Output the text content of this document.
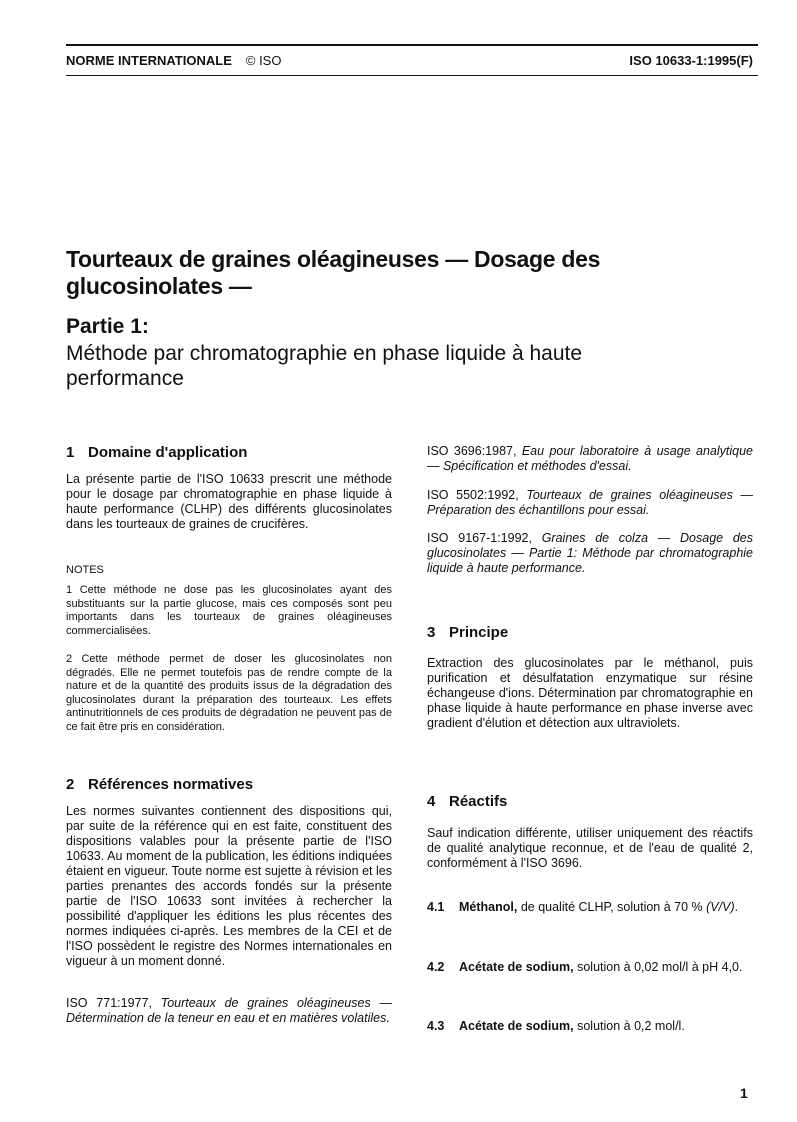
NORME INTERNATIONALE © ISO	ISO 10633-1:1995(F)
Tourteaux de graines oléagineuses — Dosage des glucosinolates —
Partie 1:
Méthode par chromatographie en phase liquide à haute performance
1 Domaine d'application
La présente partie de l'ISO 10633 prescrit une méthode pour le dosage par chromatographie en phase liquide à haute performance (CLHP) des différents glucosinolates dans les tourteaux de graines de crucifères.
NOTES
1 Cette méthode ne dose pas les glucosinolates ayant des substituants sur la partie glucose, mais ces composés sont peu importants dans les tourteaux de graines oléagineuses commercialisées.
2 Cette méthode permet de doser les glucosinolates non dégradés. Elle ne permet toutefois pas de rendre compte de la nature et de la quantité des produits issus de la dégradation des glucosinolates durant la préparation des tourteaux. Les effets antinutritionnels de ces produits de dégradation ne peuvent pas de ce fait être pris en considération.
2 Références normatives
Les normes suivantes contiennent des dispositions qui, par suite de la référence qui en est faite, constituent des dispositions valables pour la présente partie de l'ISO 10633. Au moment de la publication, les éditions indiquées étaient en vigueur. Toute norme est sujette à révision et les parties prenantes des accords fondés sur la présente partie de l'ISO 10633 sont invitées à rechercher la possibilité d'appliquer les éditions les plus récentes des normes indiquées ci-après. Les membres de la CEI et de l'ISO possèdent le registre des Normes internationales en vigueur à un moment donné.
ISO 771:1977, Tourteaux de graines oléagineuses — Détermination de la teneur en eau et en matières volatiles.
ISO 3696:1987, Eau pour laboratoire à usage analytique — Spécification et méthodes d'essai.
ISO 5502:1992, Tourteaux de graines oléagineuses — Préparation des échantillons pour essai.
ISO 9167-1:1992, Graines de colza — Dosage des glucosinolates — Partie 1: Méthode par chromatographie liquide à haute performance.
3 Principe
Extraction des glucosinolates par le méthanol, puis purification et désulfatation enzymatique sur résine échangeuse d'ions. Détermination par chromatographie en phase liquide à haute performance en phase inverse avec gradient d'élution et détection aux ultraviolets.
4 Réactifs
Sauf indication différente, utiliser uniquement des réactifs de qualité analytique reconnue, et de l'eau de qualité 2, conformément à l'ISO 3696.
4.1 Méthanol, de qualité CLHP, solution à 70 % (V/V).
4.2 Acétate de sodium, solution à 0,02 mol/l à pH 4,0.
4.3 Acétate de sodium, solution à 0,2 mol/l.
1
